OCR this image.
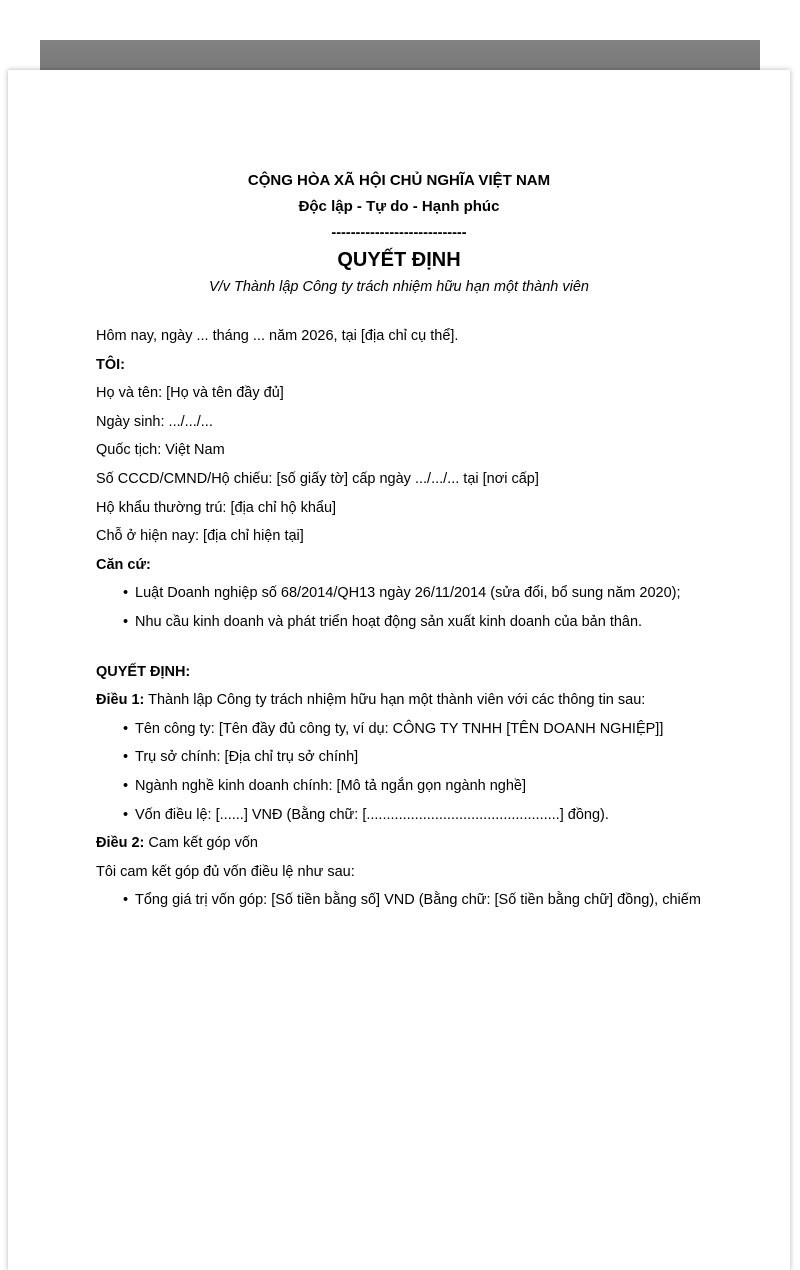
CỘNG HÒA XÃ HỘI CHỦ NGHĨA VIỆT NAM
Độc lập - Tự do - Hạnh phúc
----------------------------
QUYẾT ĐỊNH
V/v Thành lập Công ty trách nhiệm hữu hạn một thành viên
Hôm nay, ngày ... tháng ... năm 2026, tại [địa chỉ cụ thể].
TÔI:
Họ và tên: [Họ và tên đầy đủ]
Ngày sinh: .../.../...
Quốc tịch: Việt Nam
Số CCCD/CMND/Hộ chiếu: [số giấy tờ] cấp ngày .../.../... tại [nơi cấp]
Hộ khẩu thường trú: [địa chỉ hộ khẩu]
Chỗ ở hiện nay: [địa chỉ hiện tại]
Căn cứ:
• Luật Doanh nghiệp số 68/2014/QH13 ngày 26/11/2014 (sửa đổi, bổ sung năm 2020);
• Nhu cầu kinh doanh và phát triển hoạt động sản xuất kinh doanh của bản thân.
QUYẾT ĐỊNH:
Điều 1: Thành lập Công ty trách nhiệm hữu hạn một thành viên với các thông tin sau:
• Tên công ty: [Tên đầy đủ công ty, ví dụ: CÔNG TY TNHH [TÊN DOANH NGHIỆP]]
• Trụ sở chính: [Địa chỉ trụ sở chính]
• Ngành nghề kinh doanh chính: [Mô tả ngắn gọn ngành nghề]
• Vốn điều lệ: [......] VNĐ (Bằng chữ: [................................................] đồng).
Điều 2: Cam kết góp vốn
Tôi cam kết góp đủ vốn điều lệ như sau:
• Tổng giá trị vốn góp: [Số tiền bằng số] VND (Bằng chữ: [Số tiền bằng chữ] đồng), chiếm
